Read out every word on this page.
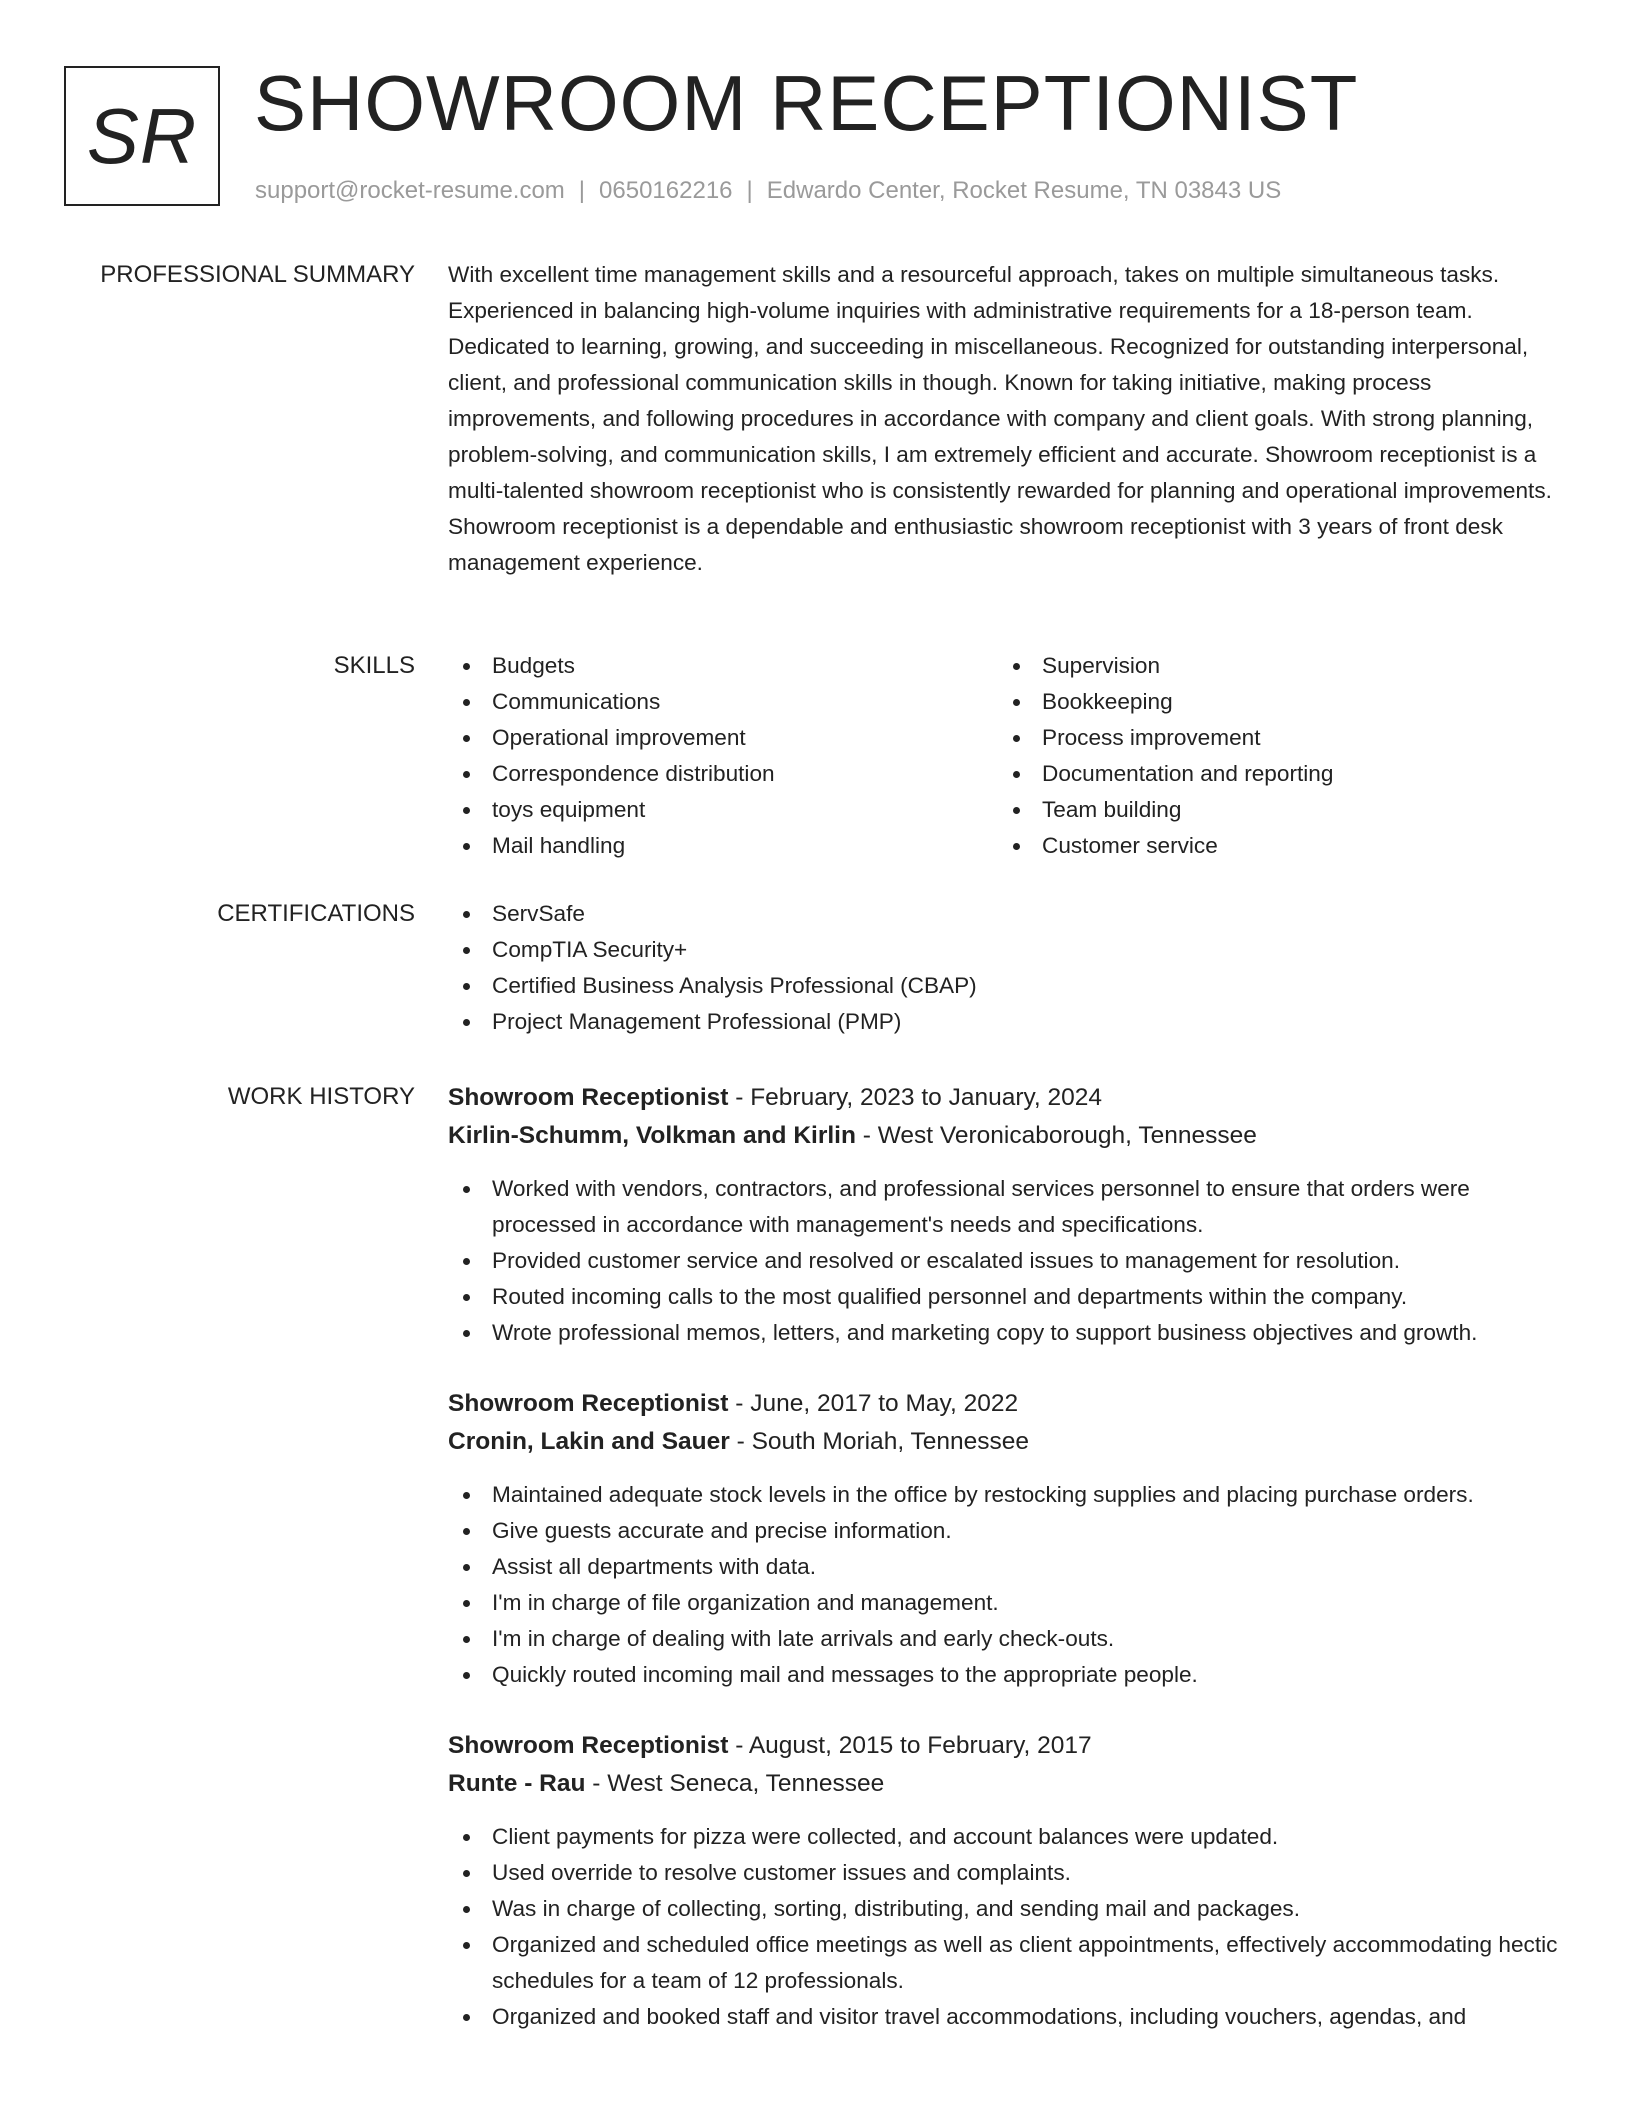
SR SHOWROOM RECEPTIONIST
support@rocket-resume.com | 0650162216 | Edwardo Center, Rocket Resume, TN 03843 US
PROFESSIONAL SUMMARY With excellent time management skills and a resourceful approach, takes on multiple simultaneous tasks. Experienced in balancing high-volume inquiries with administrative requirements for a 18-person team. Dedicated to learning, growing, and succeeding in miscellaneous. Recognized for outstanding interpersonal, client, and professional communication skills in though. Known for taking initiative, making process improvements, and following procedures in accordance with company and client goals. With strong planning, problem-solving, and communication skills, I am extremely efficient and accurate. Showroom receptionist is a multi-talented showroom receptionist who is consistently rewarded for planning and operational improvements. Showroom receptionist is a dependable and enthusiastic showroom receptionist with 3 years of front desk management experience.

SKILLS	Budgets
Communications
Operational improvement
Correspondence distribution
toys equipment
Mail handling
Supervision
Bookkeeping
Process improvement
Documentation and reporting
Team building
Customer service
CERTIFICATIONS	ServSafe
CompTIA Security+
Certified Business Analysis Professional (CBAP)
Project Management Professional (PMP)
WORK HISTORY Showroom Receptionist - February, 2023 to January, 2024
Kirlin-Schumm, Volkman and Kirlin - West Veronicaborough, Tennessee
Worked with vendors, contractors, and professional services personnel to ensure that orders were processed in accordance with management's needs and specifications.
Provided customer service and resolved or escalated issues to management for resolution.
Routed incoming calls to the most qualified personnel and departments within the company.
Wrote professional memos, letters, and marketing copy to support business objectives and growth.
Showroom Receptionist - June, 2017 to May, 2022
Cronin, Lakin and Sauer - South Moriah, Tennessee
Maintained adequate stock levels in the office by restocking supplies and placing purchase orders.
Give guests accurate and precise information.
Assist all departments with data.
I'm in charge of file organization and management.
I'm in charge of dealing with late arrivals and early check-outs.
Quickly routed incoming mail and messages to the appropriate people.
Showroom Receptionist - August, 2015 to February, 2017
Runte - Rau - West Seneca, Tennessee
Client payments for pizza were collected, and account balances were updated.
Used override to resolve customer issues and complaints.
Was in charge of collecting, sorting, distributing, and sending mail and packages.
Organized and scheduled office meetings as well as client appointments, effectively accommodating hectic schedules for a team of 12 professionals.
Organized and booked staff and visitor travel accommodations, including vouchers, agendas, and
